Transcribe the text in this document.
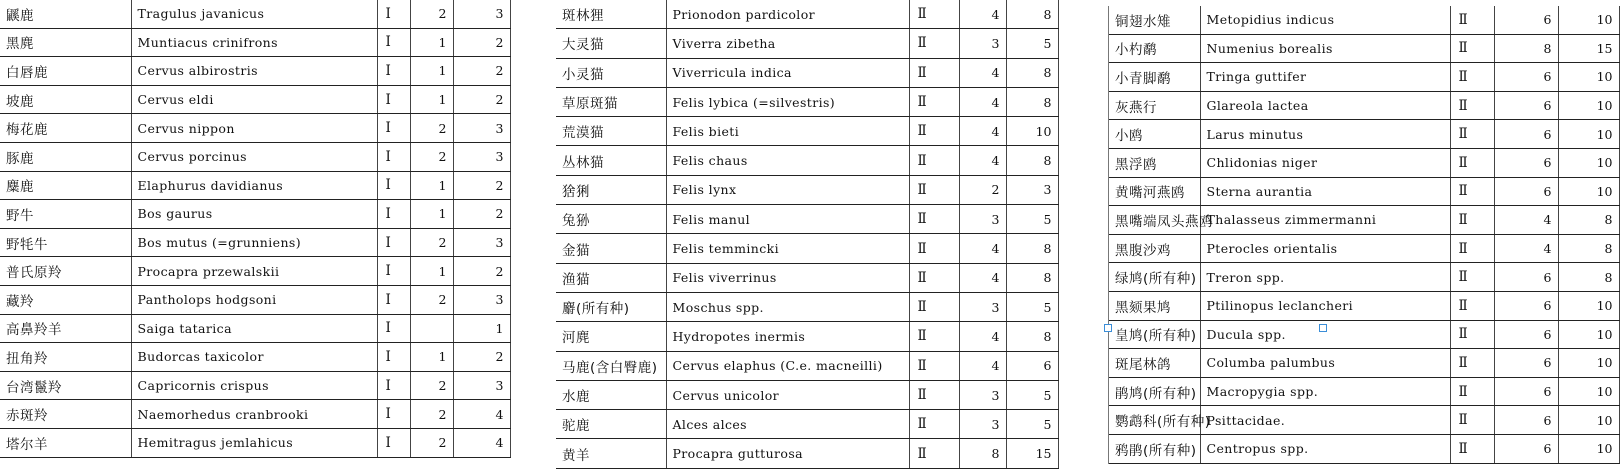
鼷鹿	Tragulus javanicus	Ⅰ	2	3
黑麂	Muntiacus crinifrons	Ⅰ	1	2
白唇鹿	Cervus albirostris	Ⅰ	1	2
坡鹿	Cervus eldi	Ⅰ	1	2
梅花鹿	Cervus nippon	Ⅰ	2	3
豚鹿	Cervus porcinus	Ⅰ	2	3
麋鹿	Elaphurus davidianus	Ⅰ	1	2
野牛	Bos gaurus	Ⅰ	1	2
野牦牛	Bos mutus (=grunniens)	Ⅰ	2	3
普氏原羚	Procapra przewalskii	Ⅰ	1	2
藏羚	Pantholops hodgsoni	Ⅰ	2	3
高鼻羚羊	Saiga tatarica	Ⅰ		1
扭角羚	Budorcas taxicolor	Ⅰ	1	2
台湾鬣羚	Capricornis crispus	Ⅰ	2	3
赤斑羚	Naemorhedus cranbrooki	Ⅰ	2	4
塔尔羊	Hemitragus jemlahicus	Ⅰ	2	4
斑林狸	Prionodon pardicolor	Ⅱ	4	8
大灵猫	Viverra zibetha	Ⅱ	3	5
小灵猫	Viverricula indica	Ⅱ	4	8
草原斑猫	Felis lybica (=silvestris)	Ⅱ	4	8
荒漠猫	Felis bieti	Ⅱ	4	10
丛林猫	Felis chaus	Ⅱ	4	8
猞猁	Felis lynx	Ⅱ	2	3
兔狲	Felis manul	Ⅱ	3	5
金猫	Felis temmincki	Ⅱ	4	8
渔猫	Felis viverrinus	Ⅱ	4	8
麝(所有种)	Moschus spp.	Ⅱ	3	5
河麂	Hydropotes inermis	Ⅱ	4	8
马鹿(含白臀鹿)	Cervus elaphus (C.e. macneilli)	Ⅱ	4	6
水鹿	Cervus unicolor	Ⅱ	3	5
驼鹿	Alces alces	Ⅱ	3	5
黄羊	Procapra gutturosa	Ⅱ	8	15
铜翅水雉	Metopidius indicus	Ⅱ	6	10
小杓鹬	Numenius borealis	Ⅱ	8	15
小青脚鹬	Tringa guttifer	Ⅱ	6	10
灰燕行	Glareola lactea	Ⅱ	6	10
小鸥	Larus minutus	Ⅱ	6	10
黑浮鸥	Chlidonias niger	Ⅱ	6	10
黄嘴河燕鸥	Sterna aurantia	Ⅱ	6	10
黑嘴端凤头燕鸥	Thalasseus zimmermanni	Ⅱ	4	8
黑腹沙鸡	Pterocles orientalis	Ⅱ	4	8
绿鸠(所有种)	Treron spp.	Ⅱ	6	8
黑颏果鸠	Ptilinopus leclancheri	Ⅱ	6	10
皇鸠(所有种)	Ducula spp.	Ⅱ	6	10
斑尾林鸽	Columba palumbus	Ⅱ	6	10
鹃鸠(所有种)	Macropygia spp.	Ⅱ	6	10
鹦鹉科(所有种)	Psittacidae.	Ⅱ	6	10
鸦鹃(所有种)	Centropus spp.	Ⅱ	6	10
